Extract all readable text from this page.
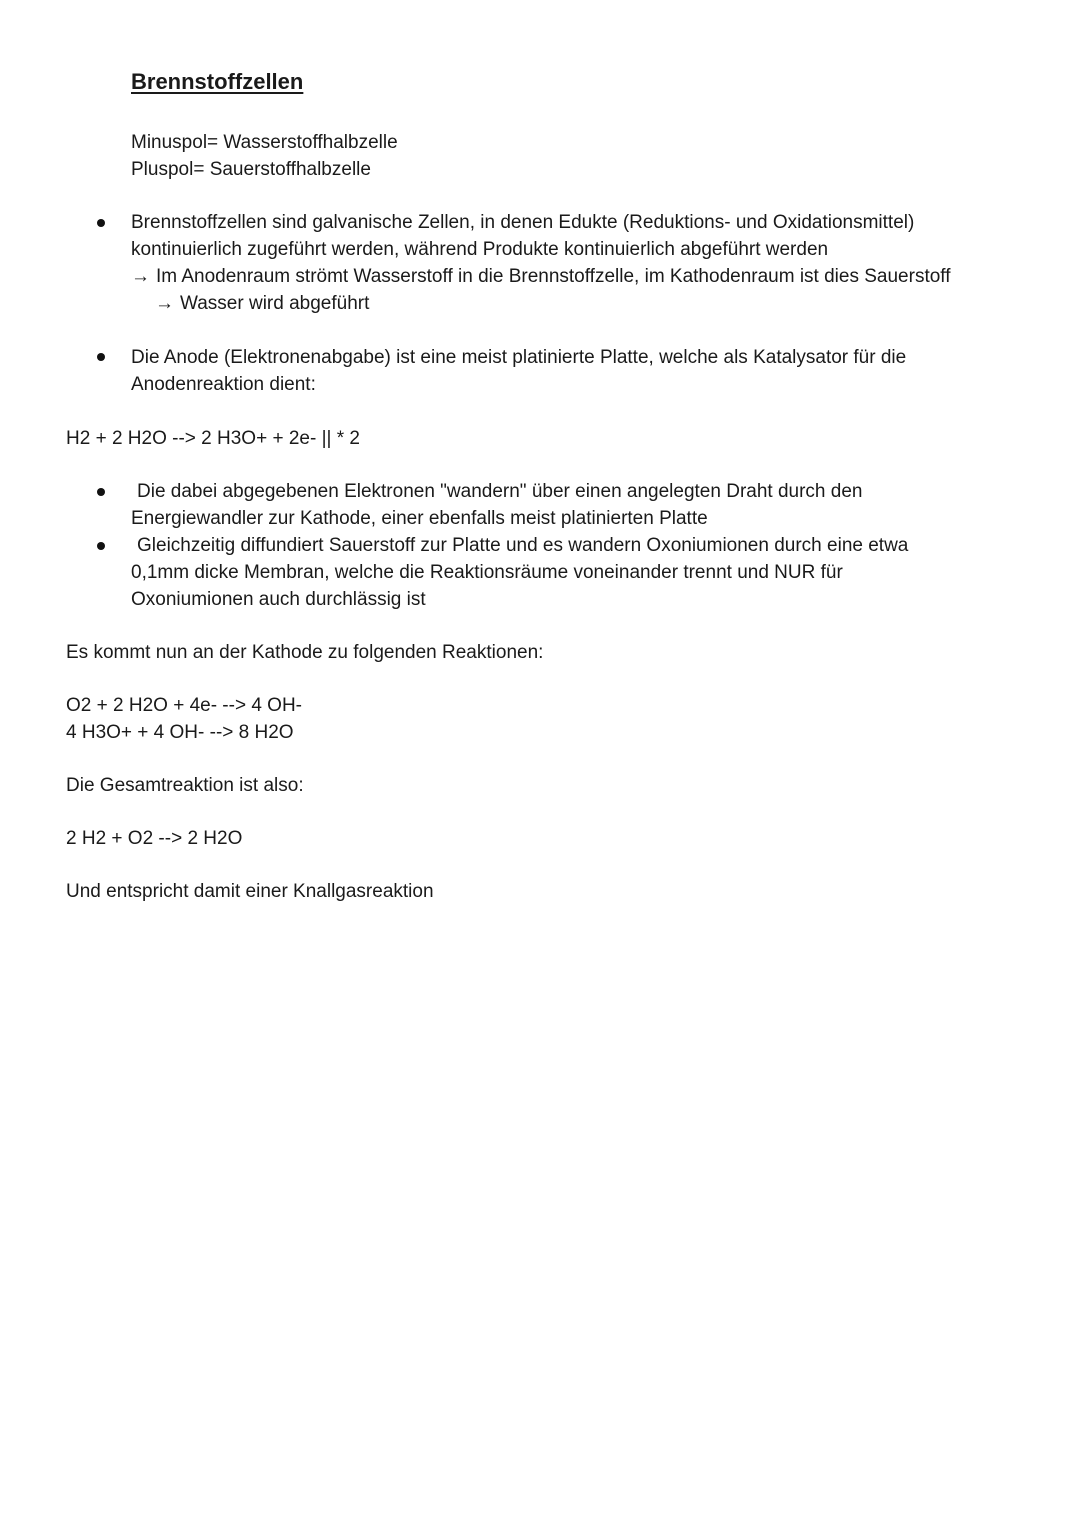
Brennstoffzellen
Minuspol= Wasserstoffhalbzelle
Pluspol= Sauerstoffhalbzelle
Brennstoffzellen sind galvanische Zellen, in denen Edukte (Reduktions- und Oxidationsmittel)
kontinuierlich zugeführt werden, während Produkte kontinuierlich abgeführt werden
→ Im Anodenraum strömt Wasserstoff in die Brennstoffzelle, im Kathodenraum ist dies Sauerstoff
→ Wasser wird abgeführt
Die Anode (Elektronenabgabe) ist eine meist platinierte Platte, welche als Katalysator für die
Anodenreaktion dient:
H2 + 2 H2O --> 2 H3O+ + 2e- || * 2
Die dabei abgegebenen Elektronen "wandern" über einen angelegten Draht durch den
Energiewandler zur Kathode, einer ebenfalls meist platinierten Platte
Gleichzeitig diffundiert Sauerstoff zur Platte und es wandern Oxoniumionen durch eine etwa
0,1mm dicke Membran, welche die Reaktionsräume voneinander trennt und NUR für
Oxoniumionen auch durchlässig ist
Es kommt nun an der Kathode zu folgenden Reaktionen:
O2 + 2 H2O + 4e- --> 4 OH-
4 H3O+ + 4 OH- --> 8 H2O
Die Gesamtreaktion ist also:
2 H2 + O2 --> 2 H2O
Und entspricht damit einer Knallgasreaktion
